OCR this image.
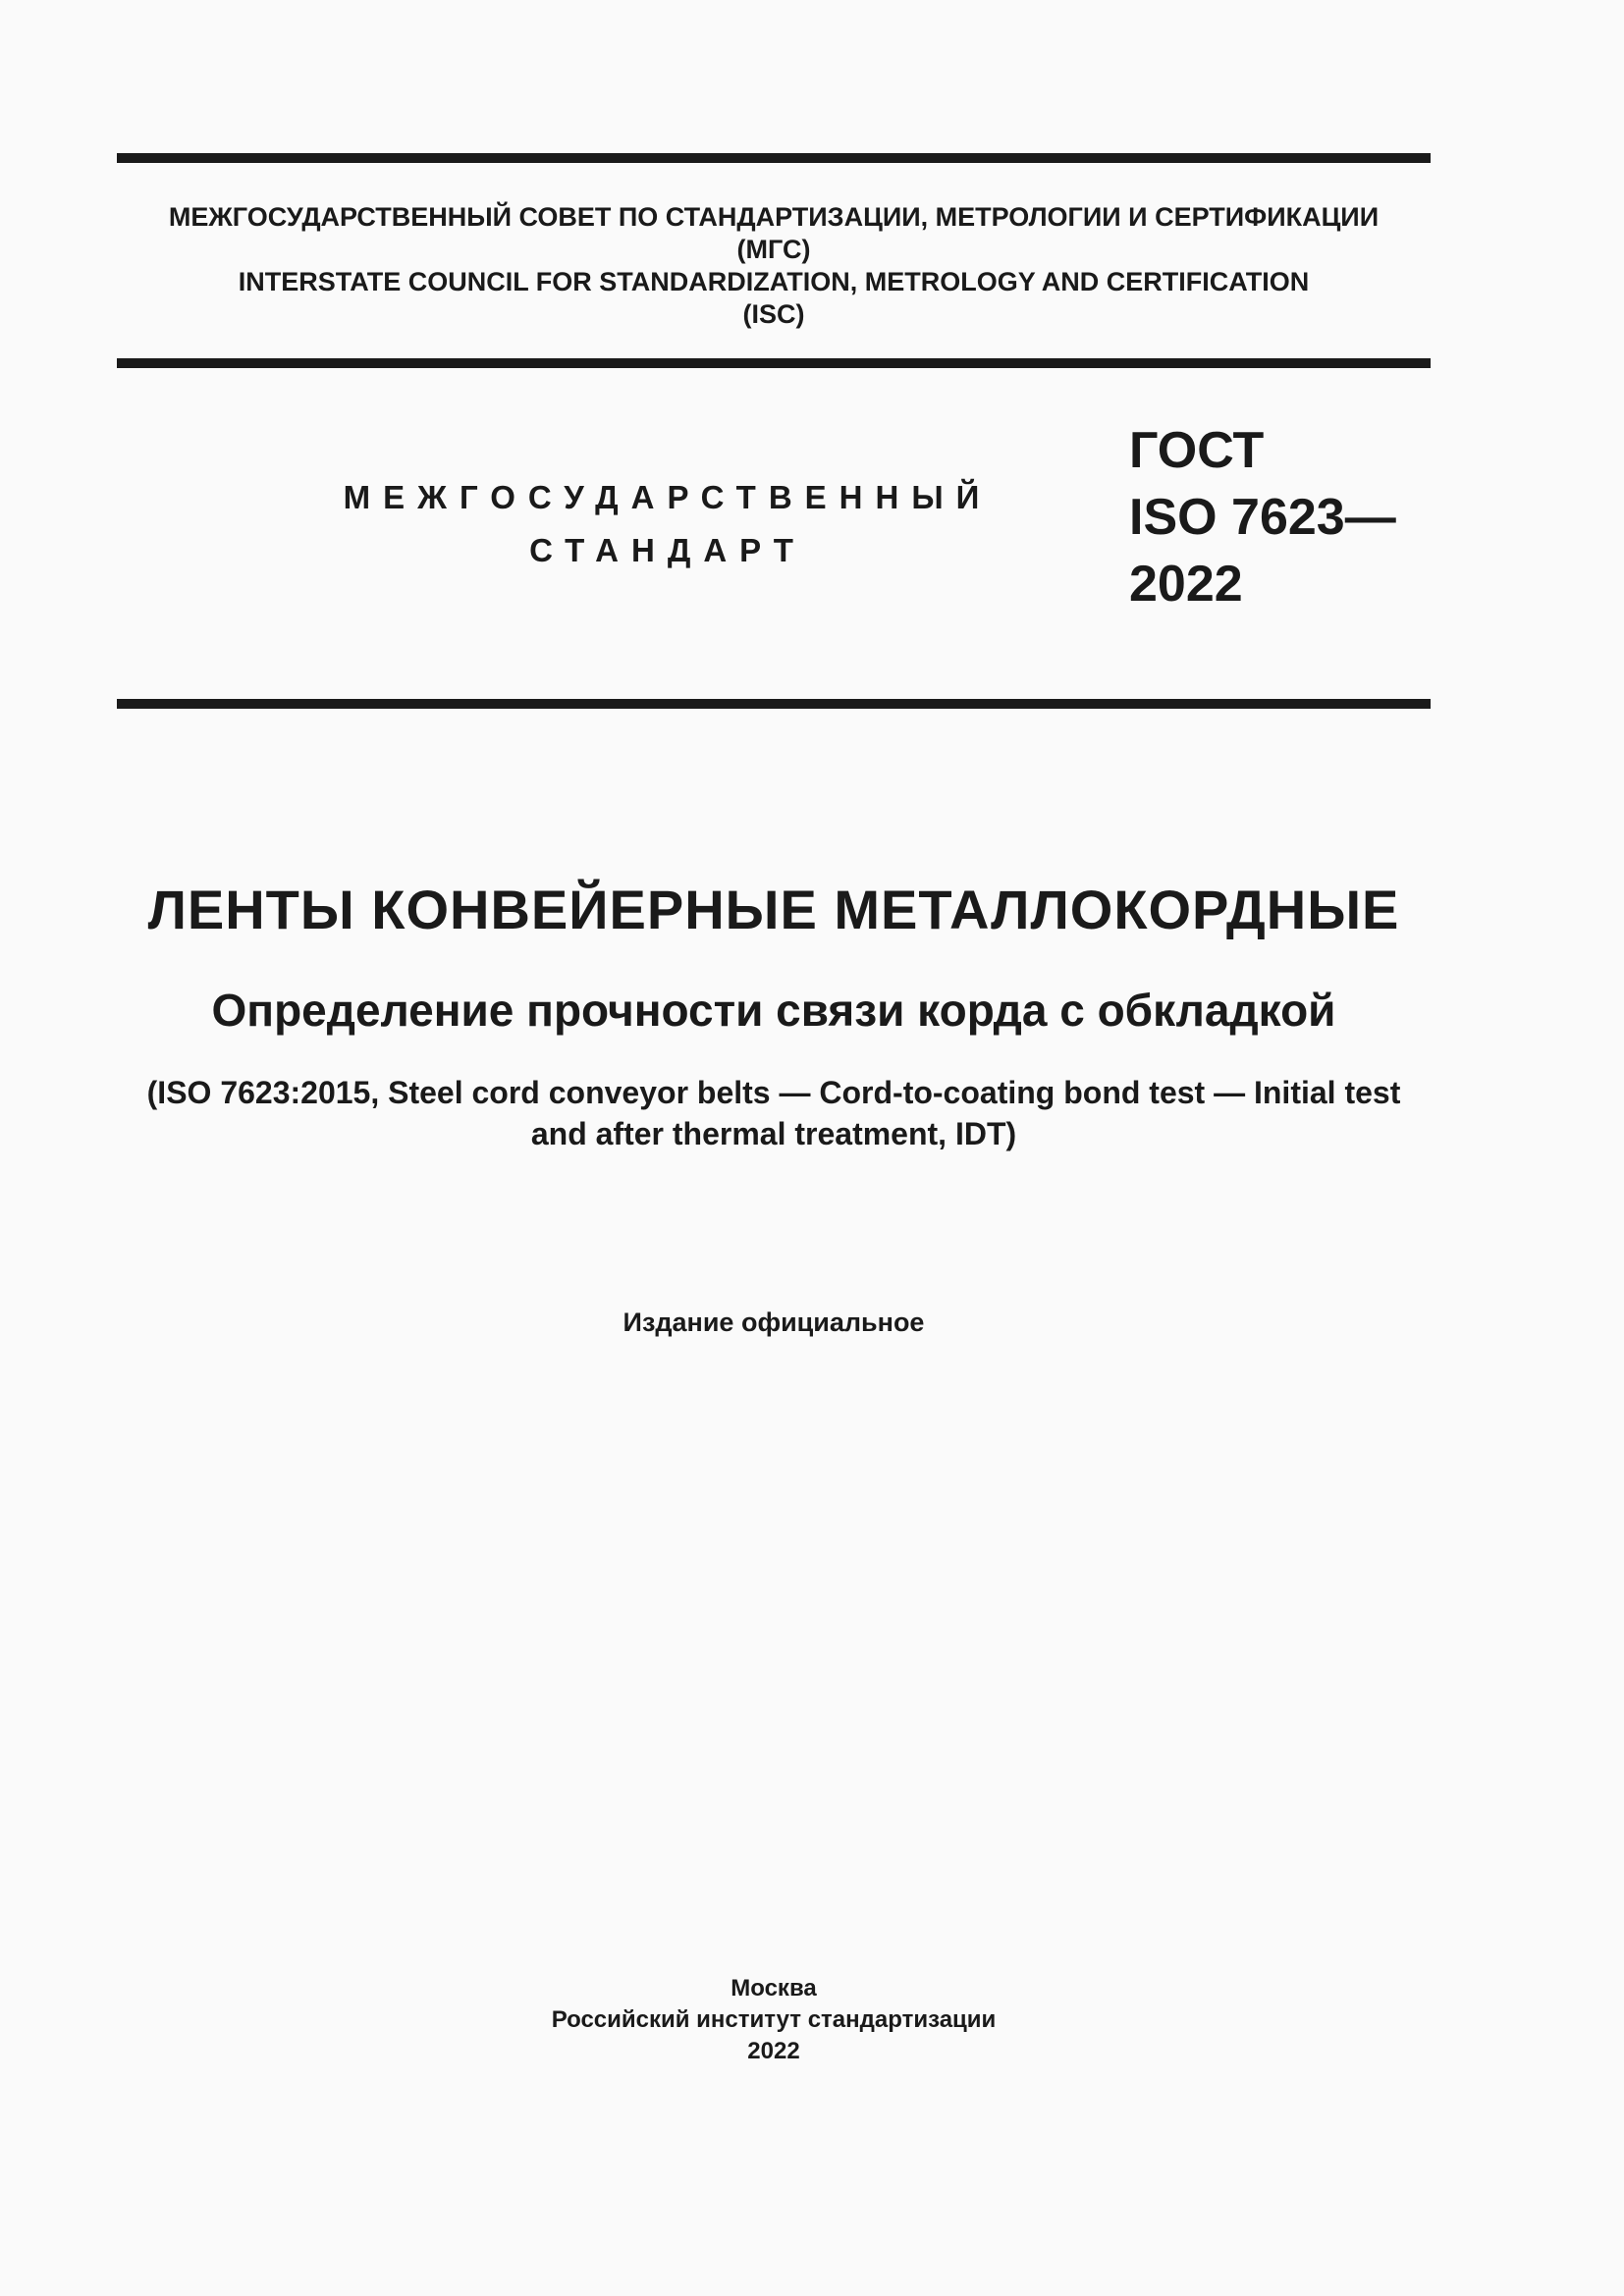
МЕЖГОСУДАРСТВЕННЫЙ СОВЕТ ПО СТАНДАРТИЗАЦИИ, МЕТРОЛОГИИ И СЕРТИФИКАЦИИ
(МГС)
INTERSTATE COUNCIL FOR STANDARDIZATION, METROLOGY AND CERTIFICATION
(ISC)
МЕЖГОСУДАРСТВЕННЫЙ
СТАНДАРТ
ГОСТ
ISO 7623—
2022
ЛЕНТЫ КОНВЕЙЕРНЫЕ МЕТАЛЛОКОРДНЫЕ
Определение прочности связи корда с обкладкой
(ISO 7623:2015, Steel cord conveyor belts — Cord-to-coating bond test — Initial test
and after thermal treatment, IDT)
Издание официальное
Москва
Российский институт стандартизации
2022
